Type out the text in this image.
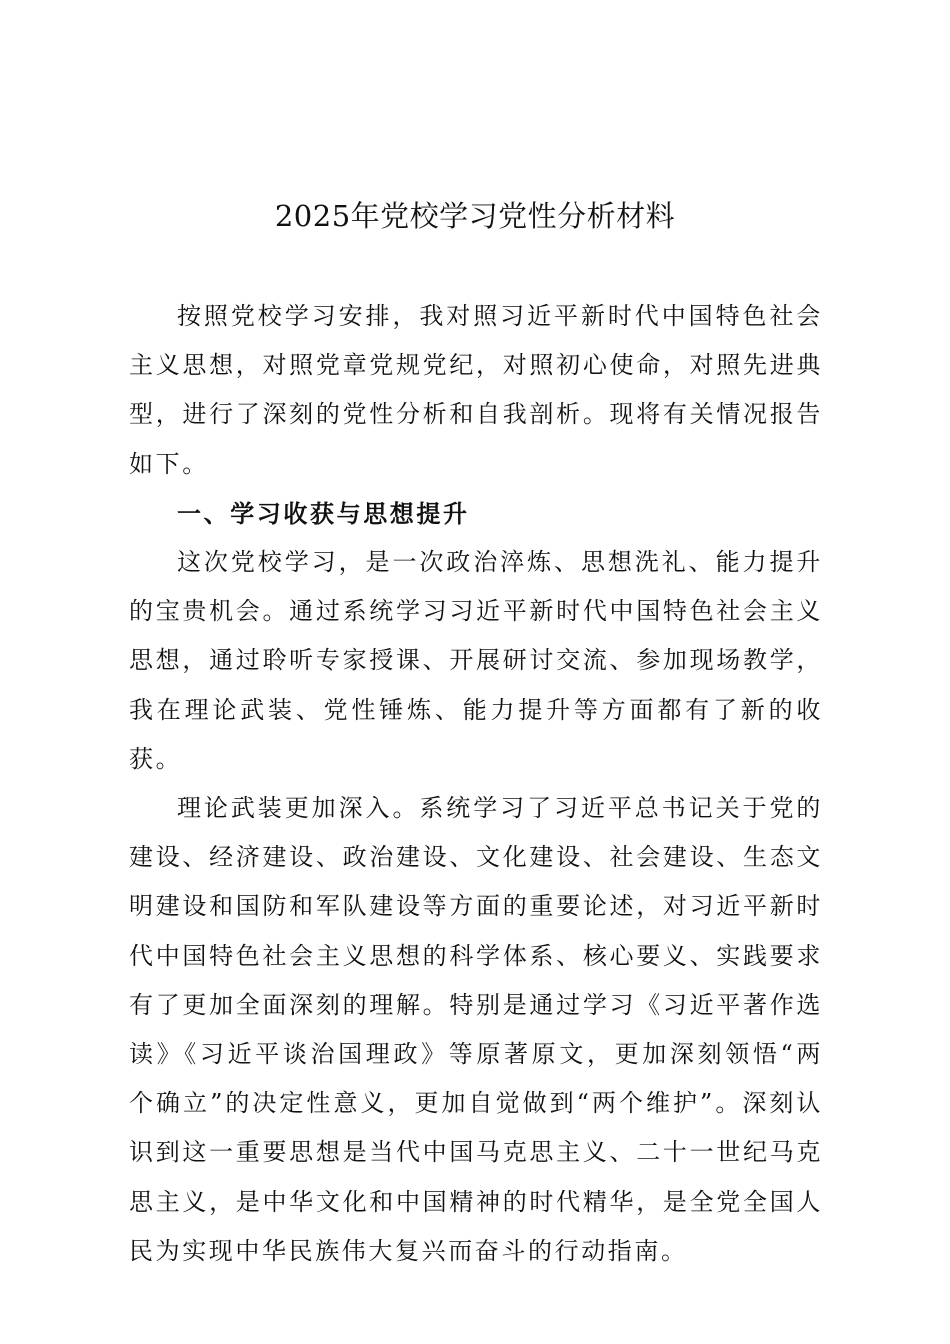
2025年党校学习党性分析材料

按照党校学习安排，我对照习近平新时代中国特色社会主义思想，对照党章党规党纪，对照初心使命，对照先进典型，进行了深刻的党性分析和自我剖析。现将有关情况报告如下。

一、学习收获与思想提升

这次党校学习，是一次政治淬炼、思想洗礼、能力提升的宝贵机会。通过系统学习习近平新时代中国特色社会主义思想，通过聆听专家授课、开展研讨交流、参加现场教学，我在理论武装、党性锤炼、能力提升等方面都有了新的收获。

理论武装更加深入。系统学习了习近平总书记关于党的建设、经济建设、政治建设、文化建设、社会建设、生态文明建设和国防和军队建设等方面的重要论述，对习近平新时代中国特色社会主义思想的科学体系、核心要义、实践要求有了更加全面深刻的理解。特别是通过学习《习近平著作选读》《习近平谈治国理政》等原著原文，更加深刻领悟“两个确立”的决定性意义，更加自觉做到“两个维护”。深刻认识到这一重要思想是当代中国马克思主义、二十一世纪马克思主义，是中华文化和中国精神的时代精华，是全党全国人民为实现中华民族伟大复兴而奋斗的行动指南。
